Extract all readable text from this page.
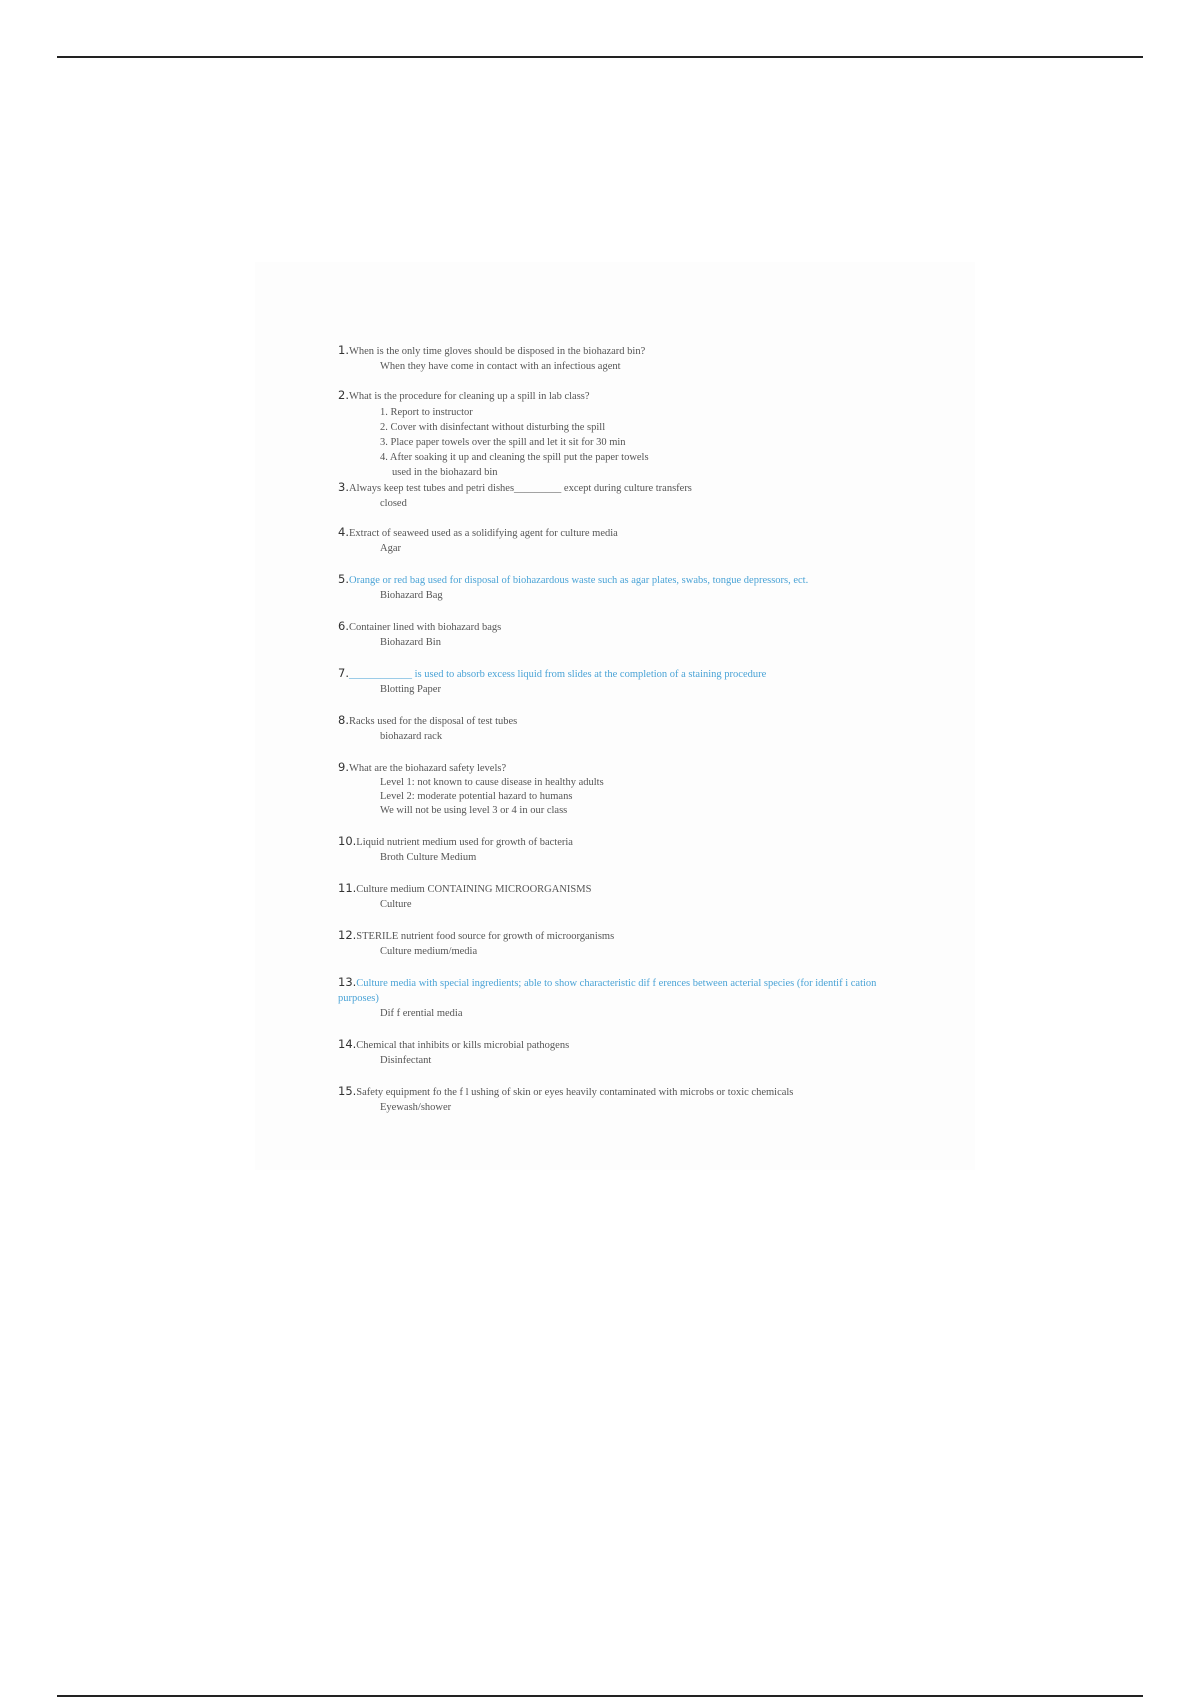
1.When is the only time gloves should be disposed in the biohazard bin?
When they have come in contact with an infectious agent
2.What is the procedure for cleaning up a spill in lab class?
1. Report to instructor
2. Cover with disinfectant without disturbing the spill
3. Place paper towels over the spill and let it sit for 30 min
4. After soaking it up and cleaning the spill put the paper towels used in the biohazard bin
3.Always keep test tubes and petri dishes_________ except during culture transfers
closed
4.Extract of seaweed used as a solidifying agent for culture media
Agar
5.Orange or red bag used for disposal of biohazardous waste such as agar plates, swabs, tongue depressors, ect.
Biohazard Bag
6.Container lined with biohazard bags
Biohazard Bin
7.____________ is used to absorb excess liquid from slides at the completion of a staining procedure
Blotting Paper
8.Racks used for the disposal of test tubes
biohazard rack
9.What are the biohazard safety levels?
Level 1: not known to cause disease in healthy adults
Level 2: moderate potential hazard to humans
We will not be using level 3 or 4 in our class
10.Liquid nutrient medium used for growth of bacteria
Broth Culture Medium
11.Culture medium CONTAINING MICROORGANISMS
Culture
12.STERILE nutrient food source for growth of microorganisms
Culture medium/media
13.Culture media with special ingredients; able to show characteristic dif f erences between acterial species (for identif i cation purposes)
Dif f erential media
14.Chemical that inhibits or kills microbial pathogens
Disinfectant
15.Safety equipment fo the f l ushing of skin or eyes heavily contaminated with microbs or toxic chemicals
Eyewash/shower
